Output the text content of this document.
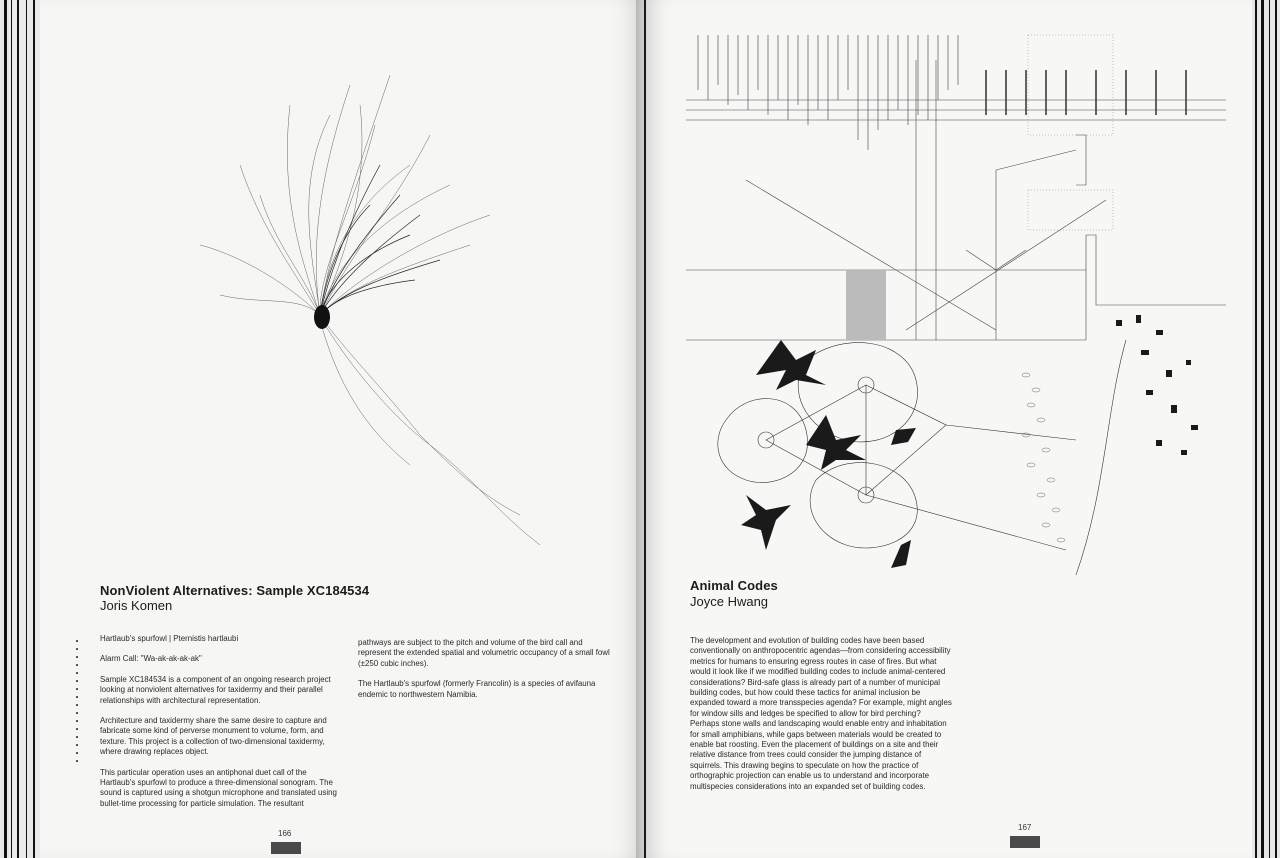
NonViolent Alternatives: Sample XC184534
Joris Komen

Hartlaub's spurfowl | Pternistis hartlaubi

Alarm Call: "Wa-ak-ak-ak-ak"

Sample XC184534 is a component of an ongoing research project looking at nonviolent alternatives for taxidermy and their parallel relationships with architectural representation.

Architecture and taxidermy share the same desire to capture and fabricate some kind of perverse monument to volume, form, and texture. This project is a collection of two-dimensional taxidermy, where drawing replaces object.

This particular operation uses an antiphonal duet call of the Hartlaub's spurfowl to produce a three-dimensional sonogram. The sound is captured using a shotgun microphone and translated using bullet-time processing for particle simulation. The resultant

pathways are subject to the pitch and volume of the bird call and represent the extended spatial and volumetric occupancy of a small fowl (±250 cubic inches).

The Hartlaub's spurfowl (formerly Francolin) is a species of avifauna endemic to northwestern Namibia.

166
Animal Codes
Joyce Hwang

The development and evolution of building codes have been based conventionally on anthropocentric agendas—from considering accessibility metrics for humans to ensuring egress routes in case of fires. But what would it look like if we modified building codes to include animal-centered considerations? Bird-safe glass is already part of a number of municipal building codes, but how could these tactics for animal inclusion be expanded toward a more transspecies agenda? For example, might angles for window sills and ledges be specified to allow for bird perching? Perhaps stone walls and landscaping would enable entry and inhabitation for small amphibians, while gaps between materials would be created to enable bat roosting. Even the placement of buildings on a site and their relative distance from trees could consider the jumping distance of squirrels. This drawing begins to speculate on how the practice of orthographic projection can enable us to understand and incorporate multispecies considerations into an expanded set of building codes.

167
